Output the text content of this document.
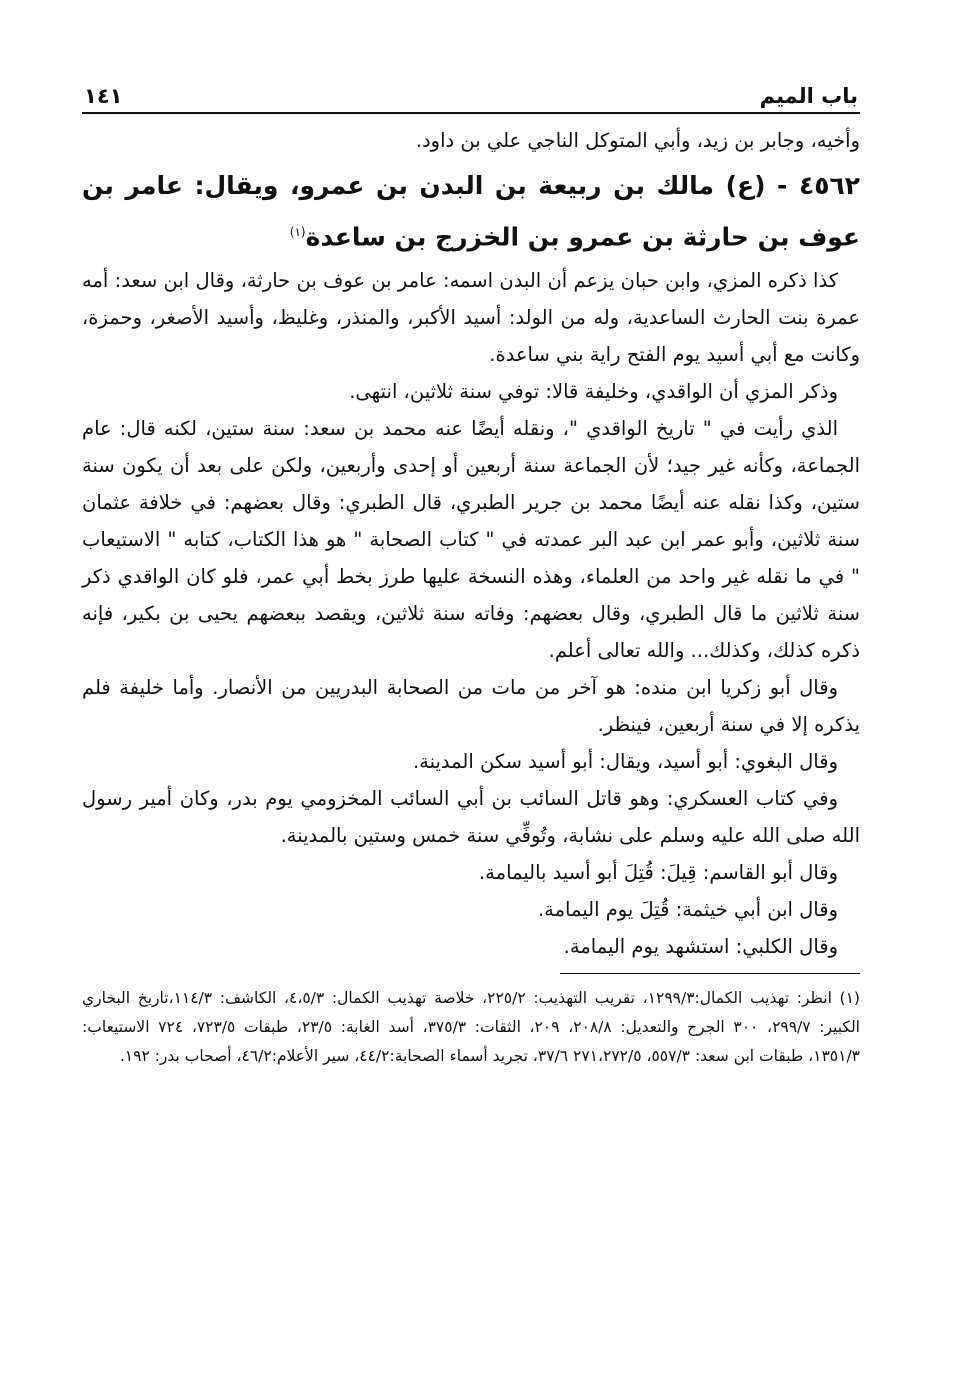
باب الميم
١٤١

وأخيه، وجابر بن زيد، وأبي المتوكل الناجي علي بن داود.

٤٥٦٢ - (ع) مالك بن ربيعة بن البدن بن عمرو، ويقال: عامر بن عوف بن حارثة بن عمرو بن الخزرج بن ساعدة$^{(١)}$

كذا ذكره المزي، وابن حبان يزعم أن البدن اسمه: عامر بن عوف بن حارثة، وقال ابن سعد: أمه عمرة بنت الحارث الساعدية، وله من الولد: أسيد الأكبر، والمنذر، وغليظ، وأسيد الأصغر، وحمزة، وكانت مع أبي أسيد يوم الفتح راية بني ساعدة.

وذكر المزي أن الواقدي، وخليفة قالا: توفي سنة ثلاثين، انتهى.

الذي رأيت في " تاريخ الواقدي "، ونقله أيضًا عنه محمد بن سعد: سنة ستين، لكنه قال: عام الجماعة، وكأنه غير جيد؛ لأن الجماعة سنة أربعين أو إحدى وأربعين، ولكن على بعد أن يكون سنة ستين، وكذا نقله عنه أيضًا محمد بن جرير الطبري، قال الطبري: وقال بعضهم: في خلافة عثمان سنة ثلاثين، وأبو عمر ابن عبد البر عمدته في " كتاب الصحابة " هو هذا الكتاب، كتابه " الاستيعاب " في ما نقله غير واحد من العلماء، وهذه النسخة عليها طرز بخط أبي عمر، فلو كان الواقدي ذكر سنة ثلاثين ما قال الطبري، وقال بعضهم: وفاته سنة ثلاثين، ويقصد ببعضهم يحيى بن بكير، فإنه ذكره كذلك، وكذلك... والله تعالى أعلم.

وقال أبو زكريا ابن منده: هو آخر من مات من الصحابة البدريين من الأنصار. وأما خليفة فلم يذكره إلا في سنة أربعين، فينظر.

وقال البغوي: أبو أسيد، ويقال: أبو أسيد سكن المدينة.

وفي كتاب العسكري: وهو قاتل السائب بن أبي السائب المخزومي يوم بدر، وكان أمير رسول الله صلى الله عليه وسلم على نشابة، وتُوفِّي سنة خمس وستين بالمدينة.

وقال أبو القاسم: قِيلَ: قُتِلَ أبو أسيد باليمامة.

وقال ابن أبي خيثمة: قُتِلَ يوم اليمامة.

وقال الكلبي: استشهد يوم اليمامة.

(١) انظر: تهذيب الكمال:١٢٩٩/٣، تقريب التهذيب: ٢٢٥/٢، خلاصة تهذيب الكمال: ٤،٥/٣، الكاشف: ١١٤/٣،تاريخ البخاري الكبير: ٢٩٩/٧، ٣٠٠ الجرح والتعديل: ٢٠٨/٨، ٢٠٩، الثقات: ٣٧٥/٣، أسد الغابة: ٢٣/٥، طبقات ٧٢٣/٥، ٧٢٤ الاستيعاب: ١٣٥١/٣، طبقات ابن سعد: ٥٥٧/٣، ٢٧١،٢٧٢/٥ ٣٧/٦، تجريد أسماء الصحابة:٤٤/٢، سير الأعلام:٤٦/٢، أصحاب بدر: ١٩٢.
